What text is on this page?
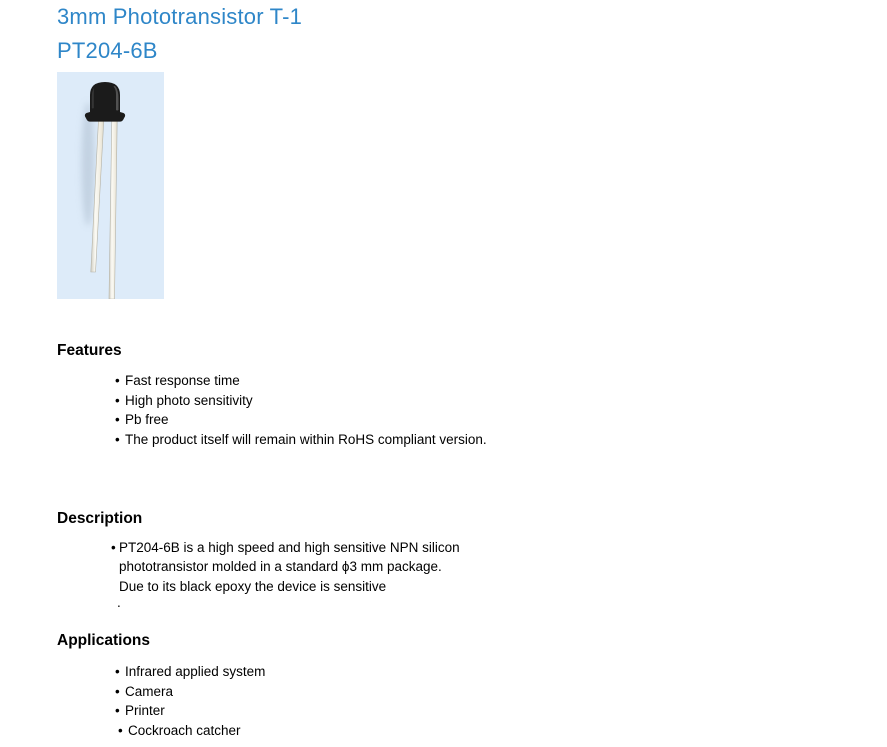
3mm Phototransistor T-1
PT204-6B
Features
• Fast response time
• High photo sensitivity
• Pb free
• The product itself will remain within RoHS compliant version.
Description
• PT204-6B is a high speed and high sensitive NPN silicon
phototransistor molded in a standard ϕ3 mm package.
Due to its black epoxy the device is sensitive
.
Applications
• Infrared applied system
• Camera
• Printer
• Cockroach catcher
